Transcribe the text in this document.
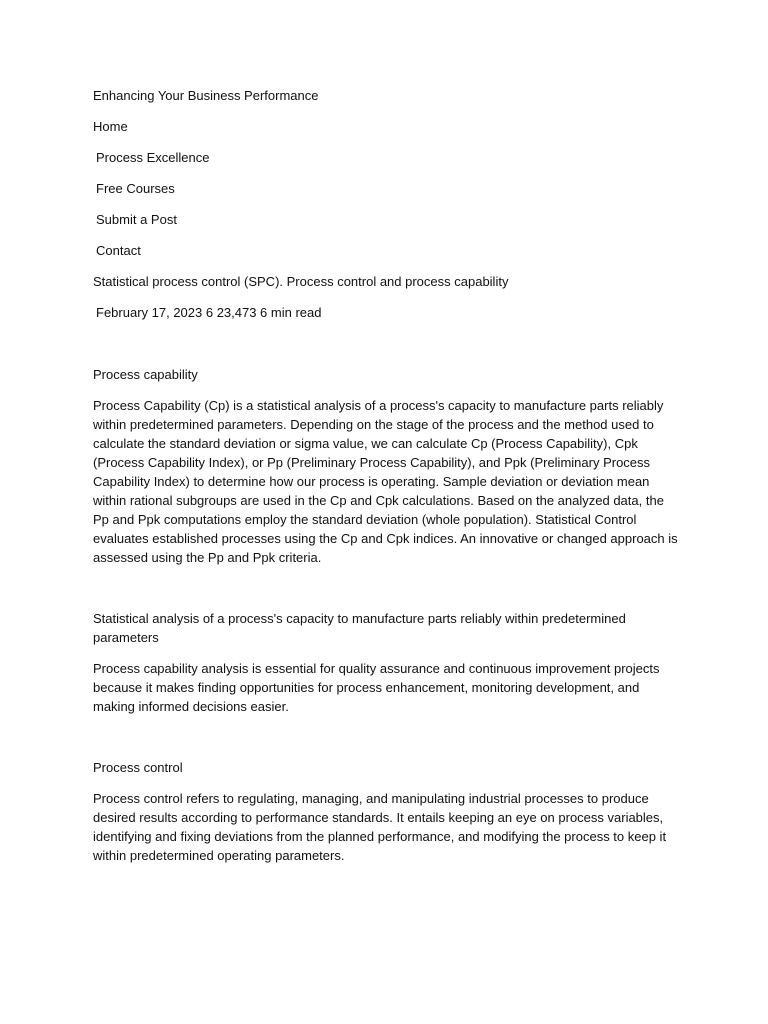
Enhancing Your Business Performance

Home

Process Excellence

Free Courses

Submit a Post

Contact

Statistical process control (SPC). Process control and process capability

February 17, 2023 6 23,473 6 min read

Process capability

Process Capability (Cp) is a statistical analysis of a process's capacity to manufacture parts reliably within predetermined parameters. Depending on the stage of the process and the method used to calculate the standard deviation or sigma value, we can calculate Cp (Process Capability), Cpk (Process Capability Index), or Pp (Preliminary Process Capability), and Ppk (Preliminary Process Capability Index) to determine how our process is operating. Sample deviation or deviation mean within rational subgroups are used in the Cp and Cpk calculations. Based on the analyzed data, the Pp and Ppk computations employ the standard deviation (whole population). Statistical Control evaluates established processes using the Cp and Cpk indices. An innovative or changed approach is assessed using the Pp and Ppk criteria.

Statistical analysis of a process's capacity to manufacture parts reliably within predetermined parameters

Process capability analysis is essential for quality assurance and continuous improvement projects because it makes finding opportunities for process enhancement, monitoring development, and making informed decisions easier.

Process control

Process control refers to regulating, managing, and manipulating industrial processes to produce desired results according to performance standards. It entails keeping an eye on process variables, identifying and fixing deviations from the planned performance, and modifying the process to keep it within predetermined operating parameters.
